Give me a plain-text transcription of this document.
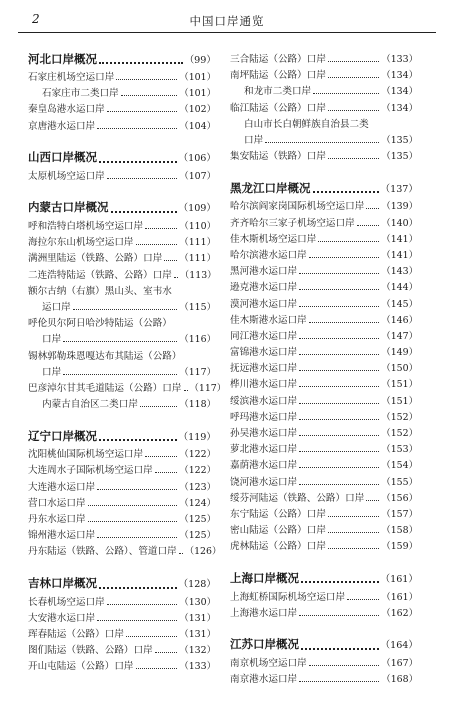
2	中国口岸通览
河北口岸概况	（99）
石家庄机场空运口岸	（101）
石家庄市二类口岸	（101）
秦皇岛港水运口岸	（102）
京唐港水运口岸	（104）
山西口岸概况	（106）
太原机场空运口岸	（107）
内蒙古口岸概况	（109）
呼和浩特白塔机场空运口岸	（110）
海拉尔东山机场空运口岸	（111）
满洲里陆运（铁路、公路）口岸 （111）
二连浩特陆运（铁路、公路）口岸 （113）
额尔古纳（右旗）黑山头、室韦水
运口岸	（115）
呼伦贝尔阿日哈沙特陆运（公路）
口岸	（116）
锡林郭勒珠恩嘎达布其陆运（公路）
口岸	（117）
巴彦淖尔甘其毛道陆运（公路）口岸 （117）
内蒙古自治区二类口岸	（118）
辽宁口岸概况	（119）
沈阳桃仙国际机场空运口岸	（122）
大连周水子国际机场空运口岸	（122）
大连港水运口岸	（123）
营口水运口岸	（124）
丹东水运口岸	（125）
锦州港水运口岸	（125）
丹东陆运（铁路、公路）、管道口岸 （126）
吉林口岸概况	（128）
长春机场空运口岸	（130）
大安港水运口岸	（131）
珲春陆运（公路）口岸	（131）
图们陆运（铁路、公路）口岸	（132）
开山屯陆运（公路）口岸	（133）
三合陆运（公路）口岸	（133）
南坪陆运（公路）口岸	（134）
和龙市二类口岸	（134）
临江陆运（公路）口岸	（134）
白山市长白朝鲜族自治县二类
口岸	（135）
集安陆运（铁路）口岸	（135）
黑龙江口岸概况	（137）
哈尔滨阎家岗国际机场空运口岸 （139）
齐齐哈尔三家子机场空运口岸	（140）
佳木斯机场空运口岸	（141）
哈尔滨港水运口岸	（141）
黑河港水运口岸	（143）
逊克港水运口岸	（144）
漠河港水运口岸	（145）
佳木斯港水运口岸	（146）
同江港水运口岸	（147）
富锦港水运口岸	（149）
抚远港水运口岸	（150）
桦川港水运口岸	（151）
绥滨港水运口岸	（151）
呼玛港水运口岸	（152）
孙吴港水运口岸	（152）
萝北港水运口岸	（153）
嘉荫港水运口岸	（154）
饶河港水运口岸	（155）
绥芬河陆运（铁路、公路）口岸 （156）
东宁陆运（公路）口岸	（157）
密山陆运（公路）口岸	（158）
虎林陆运（公路）口岸	（159）
上海口岸概况	（161）
上海虹桥国际机场空运口岸	（161）
上海港水运口岸	（162）
江苏口岸概况	（164）
南京机场空运口岸	（167）
南京港水运口岸	（168）
